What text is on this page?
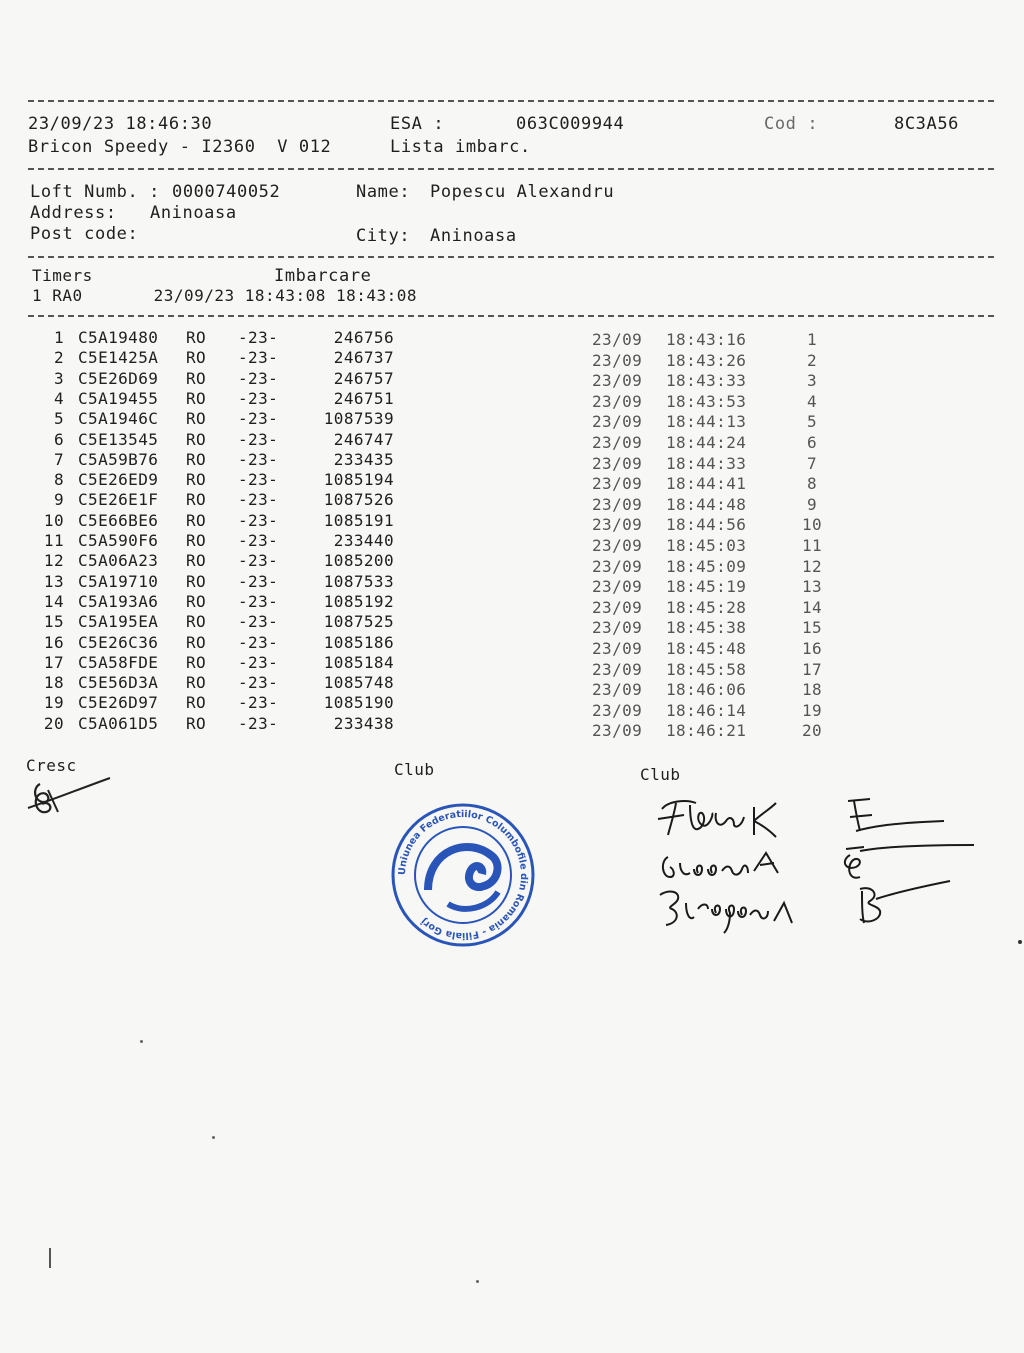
23/09/23 18:46:30	ESA :	063C009944	Cod :	8C3A56
Bricon Speedy - I2360  V 012	Lista imbarc.
Loft Numb. : 0000740052	Name: Popescu Alexandru
Address: Aninoasa
Post code:	City: Aninoasa
Timers	Imbarcare
1 RA0       23/09/23 18:43:08 18:43:08
1 C5A19480 RO -23-	246756	23/09 18:43:16	1
2 C5E1425A RO -23-	246737	23/09 18:43:26	2
3 C5E26D69 RO -23-	246757	23/09 18:43:33	3
4 C5A19455 RO -23-	246751	23/09 18:43:53	4
5 C5A1946C RO -23-	1087539	23/09 18:44:13	5
6 C5E13545 RO -23-	246747	23/09 18:44:24	6
7 C5A59B76 RO -23-	233435	23/09 18:44:33	7
8 C5E26ED9 RO -23-	1085194	23/09 18:44:41	8
9 C5E26E1F RO -23-	1087526	23/09 18:44:48	9
10 C5E66BE6 RO -23-	1085191	23/09 18:44:56	10
11 C5A590F6 RO -23-	233440	23/09 18:45:03	11
12 C5A06A23 RO -23-	1085200	23/09 18:45:09	12
13 C5A19710 RO -23-	1087533	23/09 18:45:19	13
14 C5A193A6 RO -23-	1085192	23/09 18:45:28	14
15 C5A195EA RO -23-	1087525	23/09 18:45:38	15
16 C5E26C36 RO -23-	1085186	23/09 18:45:48	16
17 C5A58FDE RO -23-	1085184	23/09 18:45:58	17
18 C5E56D3A RO -23-	1085748	23/09 18:46:06	18
19 C5E26D97 RO -23-	1085190	23/09 18:46:14	19
20 C5A061D5 RO -23-	233438	23/09 18:46:21	20
Cresc	Club	Club
Uniunea Federatiilor Columbofile din Romania - Filiala Gorj
